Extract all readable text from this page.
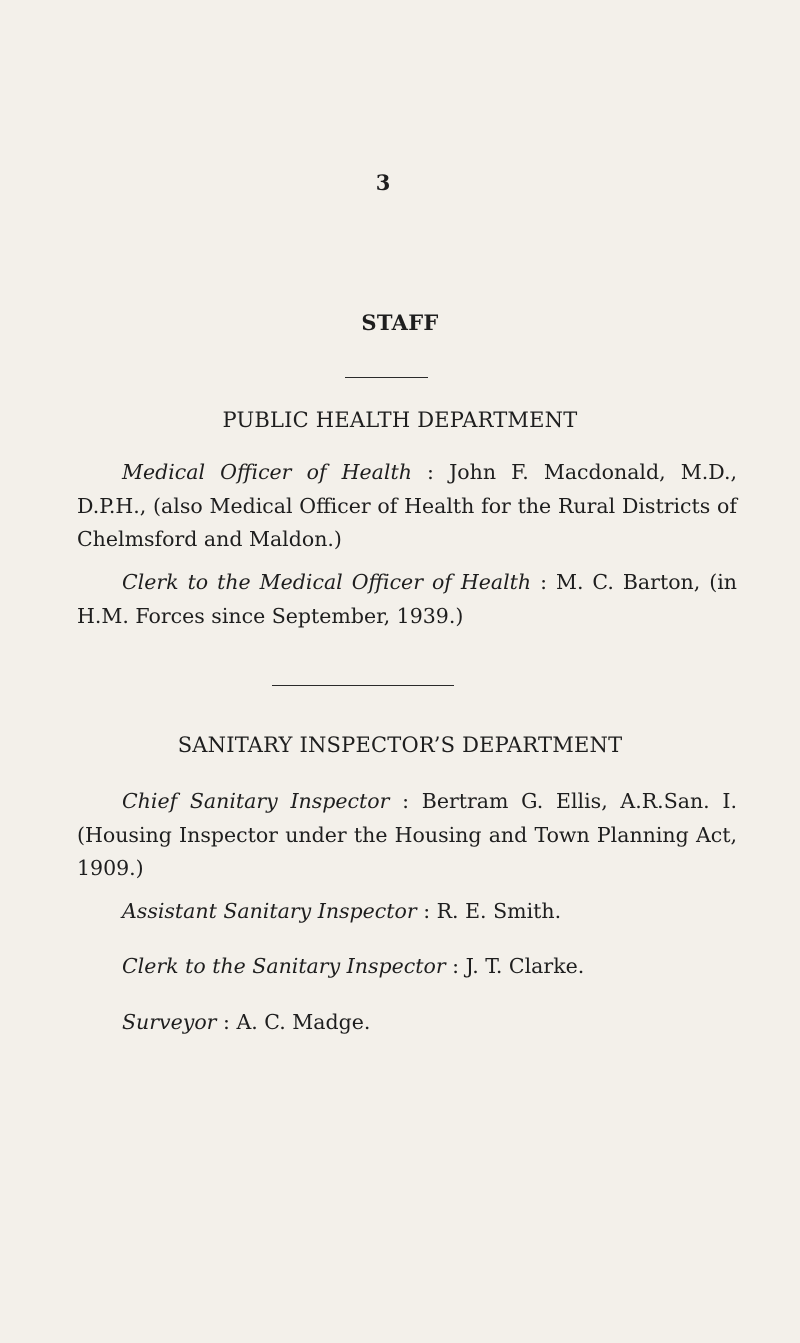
3
STAFF
PUBLIC HEALTH DEPARTMENT

Medical Officer of Health : John F. Macdonald, M.D., D.P.H., (also Medical Officer of Health for the Rural Districts of Chelmsford and Maldon.)

Clerk to the Medical Officer of Health : M. C. Barton, (in H.M. Forces since September, 1939.)

SANITARY INSPECTOR’S DEPARTMENT

Chief Sanitary Inspector : Bertram G. Ellis, A.R.San. I. (Housing Inspector under the Housing and Town Planning Act, 1909.)

Assistant Sanitary Inspector : R. E. Smith.

Clerk to the Sanitary Inspector : J. T. Clarke.

Surveyor : A. C. Madge.
